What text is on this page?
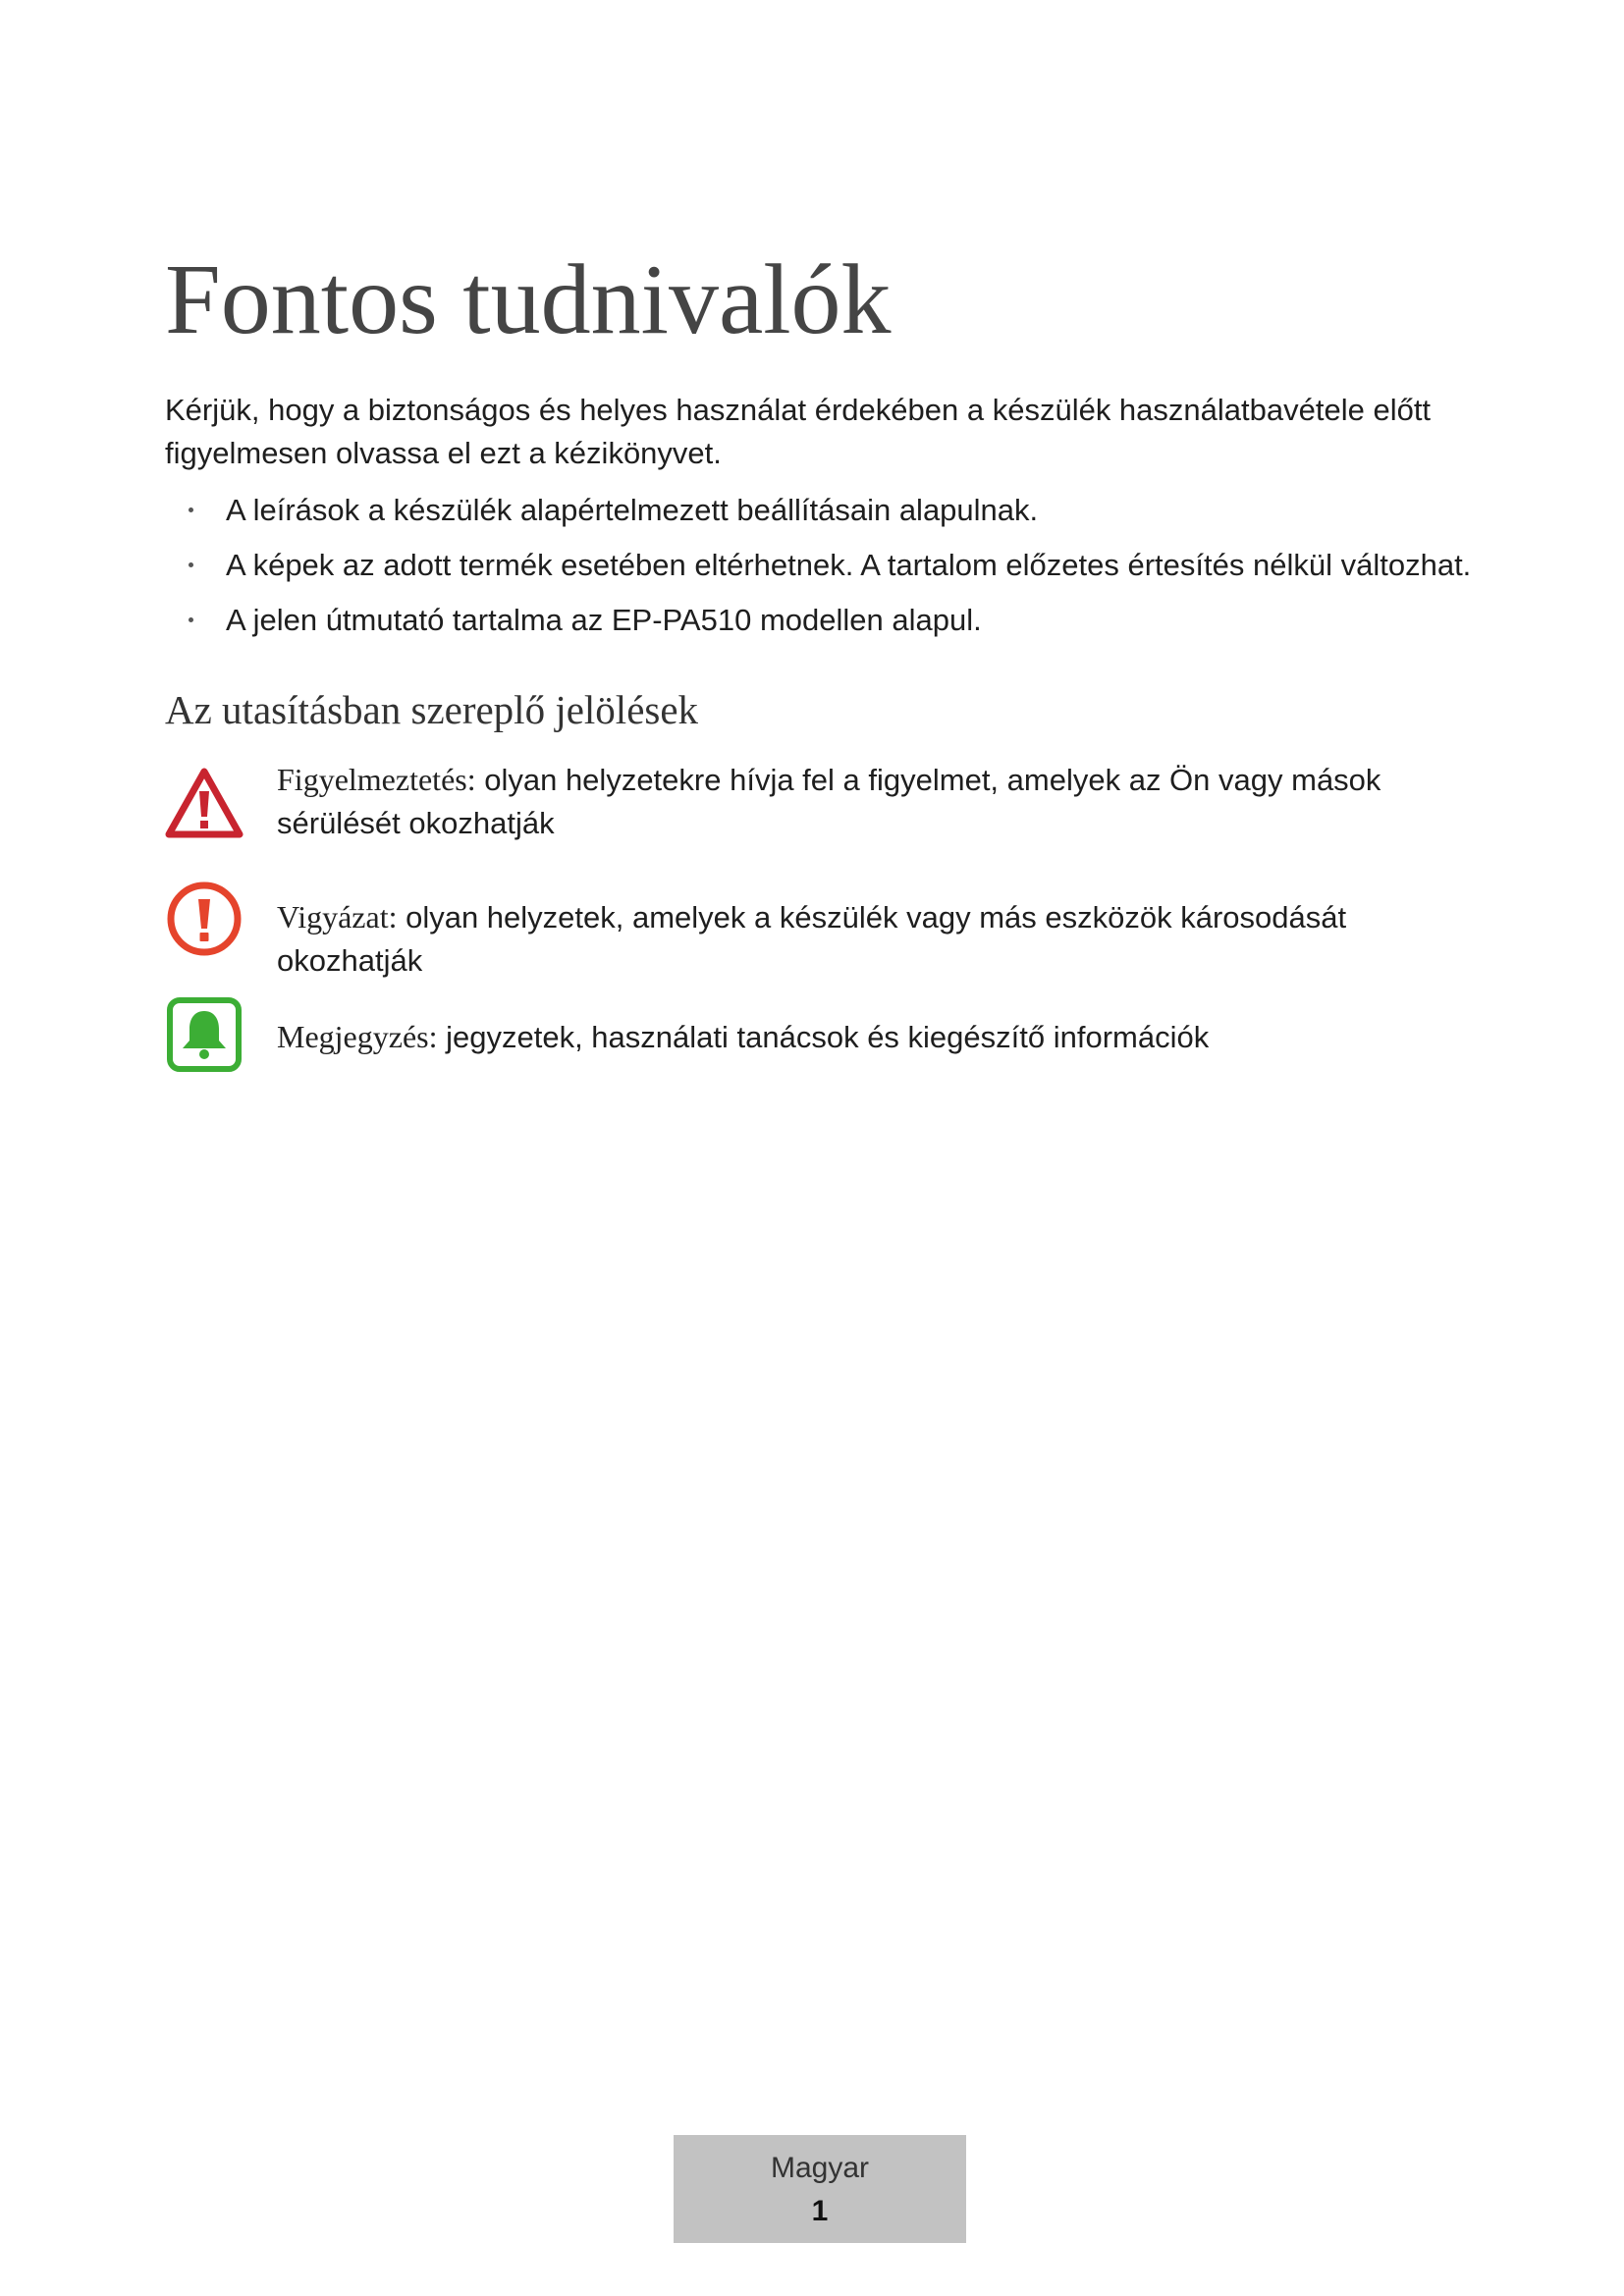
Fontos tudnivalók

Kérjük, hogy a biztonságos és helyes használat érdekében a készülék használatbavétele előtt figyelmesen olvassa el ezt a kézikönyvet.

A leírások a készülék alapértelmezett beállításain alapulnak.
A képek az adott termék esetében eltérhetnek. A tartalom előzetes értesítés nélkül változhat.
A jelen útmutató tartalma az EP-PA510 modellen alapul.
Az utasításban szereplő jelölések
Figyelmeztetés: olyan helyzetekre hívja fel a figyelmet, amelyek az Ön vagy mások sérülését okozhatják
Vigyázat: olyan helyzetek, amelyek a készülék vagy más eszközök károsodását okozhatják
Megjegyzés: jegyzetek, használati tanácsok és kiegészítő információk
Magyar
1
